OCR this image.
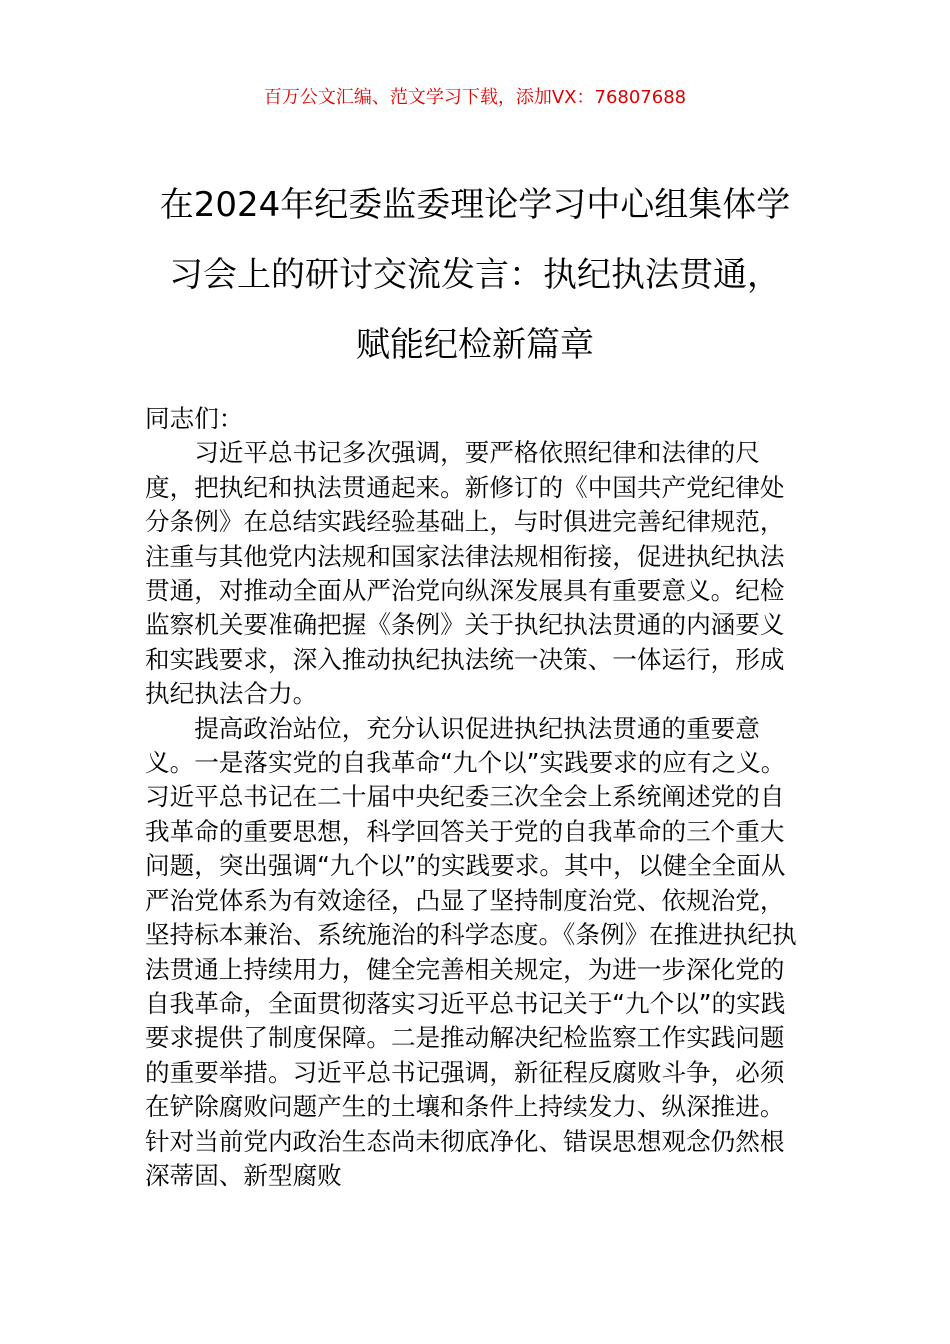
百万公文汇编、范文学习下载，添加VX：76807688
在2024年纪委监委理论学习中心组集体学
习会上的研讨交流发言：执纪执法贯通，
赋能纪检新篇章

同志们：

习近平总书记多次强调，要严格依照纪律和法律的尺度，把执纪和执法贯通起来。新修订的《中国共产党纪律处分条例》在总结实践经验基础上，与时俱进完善纪律规范，注重与其他党内法规和国家法律法规相衔接，促进执纪执法贯通，对推动全面从严治党向纵深发展具有重要意义。纪检监察机关要准确把握《条例》关于执纪执法贯通的内涵要义和实践要求，深入推动执纪执法统一决策、一体运行，形成执纪执法合力。

提高政治站位，充分认识促进执纪执法贯通的重要意义。一是落实党的自我革命“九个以”实践要求的应有之义。习近平总书记在二十届中央纪委三次全会上系统阐述党的自我革命的重要思想，科学回答关于党的自我革命的三个重大问题，突出强调“九个以”的实践要求。其中，以健全全面从严治党体系为有效途径，凸显了坚持制度治党、依规治党，坚持标本兼治、系统施治的科学态度。《条例》在推进执纪执法贯通上持续用力，健全完善相关规定，为进一步深化党的自我革命，全面贯彻落实习近平总书记关于“九个以”的实践要求提供了制度保障。二是推动解决纪检监察工作实践问题的重要举措。习近平总书记强调，新征程反腐败斗争，必须在铲除腐败问题产生的土壤和条件上持续发力、纵深推进。针对当前党内政治生态尚未彻底净化、错误思想观念仍然根深蒂固、新型腐败
